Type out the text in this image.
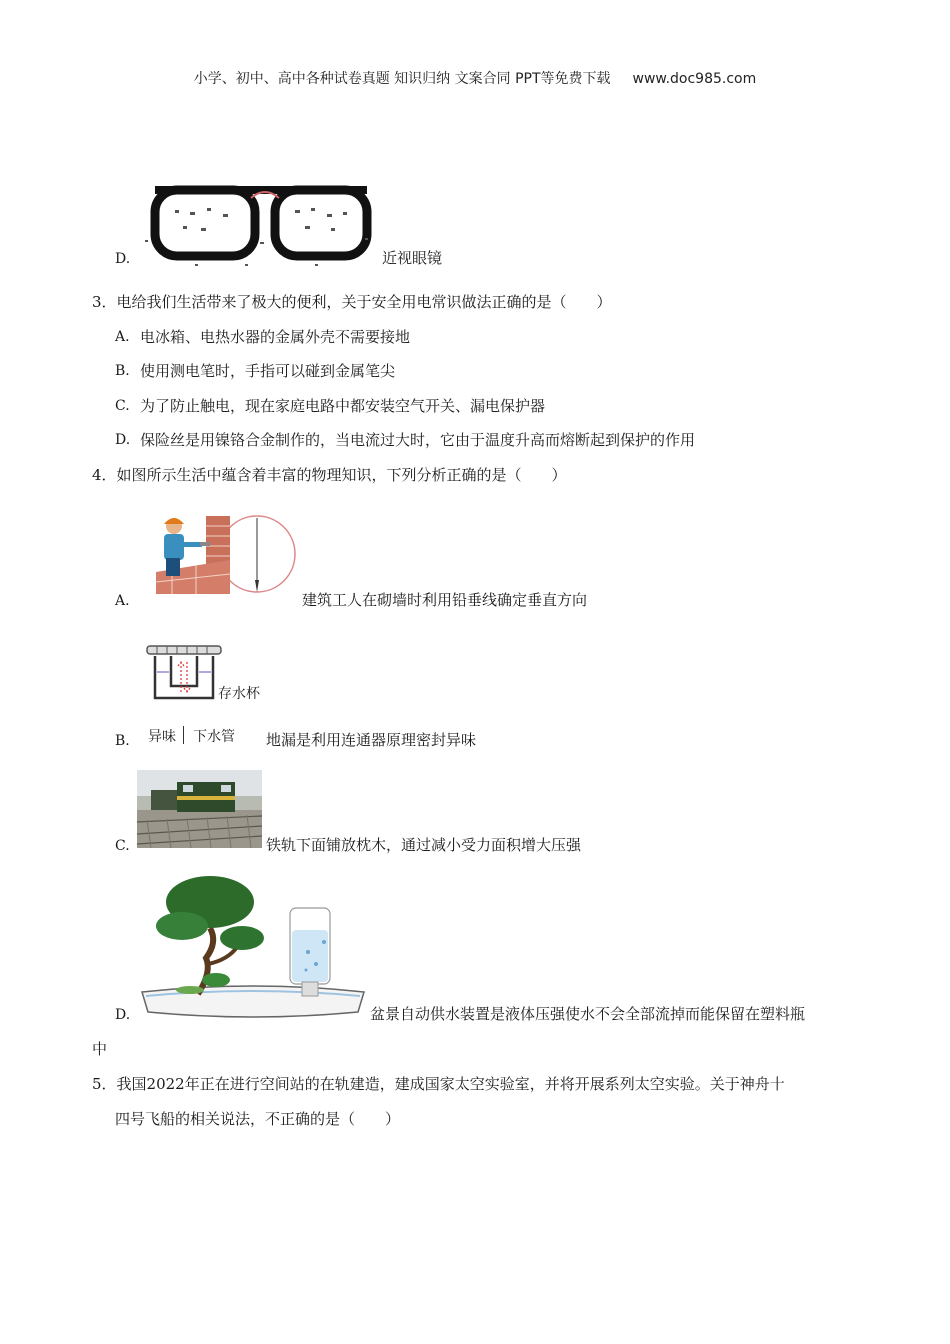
小学、初中、高中各种试卷真题 知识归纳 文案合同 PPT等免费下载 www.doc985.com
D.	近视眼镜
3．电给我们生活带来了极大的便利，关于安全用电常识做法正确的是（　　）
A. 电冰箱、电热水器的金属外壳不需要接地
B. 使用测电笔时，手指可以碰到金属笔尖
C. 为了防止触电，现在家庭电路中都安装空气开关、漏电保护器
D. 保险丝是用镍铬合金制作的，当电流过大时，它由于温度升高而熔断起到保护的作用
4．如图所示生活中蕴含着丰富的物理知识，下列分析正确的是（　　）
A.	建筑工人在砌墙时利用铅垂线确定垂直方向
存水杯
异味 下水管
B.	地漏是利用连通器原理密封异味
C.	铁轨下面铺放枕木，通过减小受力面积增大压强
D.	盆景自动供水装置是液体压强使水不会全部流掉而能保留在塑料瓶
中
5．我国2022年正在进行空间站的在轨建造，建成国家太空实验室，并将开展系列太空实验。关于神舟十
四号飞船的相关说法，不正确的是（　　）
